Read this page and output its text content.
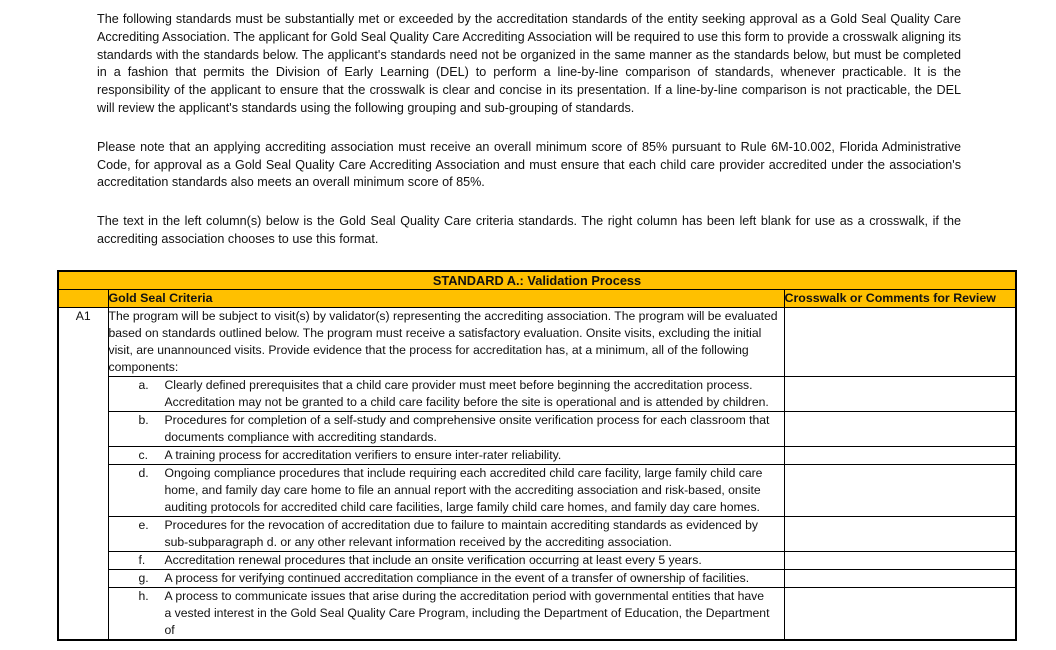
The following standards must be substantially met or exceeded by the accreditation standards of the entity seeking approval as a Gold Seal Quality Care Accrediting Association. The applicant for Gold Seal Quality Care Accrediting Association will be required to use this form to provide a crosswalk aligning its standards with the standards below. The applicant's standards need not be organized in the same manner as the standards below, but must be completed in a fashion that permits the Division of Early Learning (DEL) to perform a line-by-line comparison of standards, whenever practicable. It is the responsibility of the applicant to ensure that the crosswalk is clear and concise in its presentation. If a line-by-line comparison is not practicable, the DEL will review the applicant's standards using the following grouping and sub-grouping of standards.

Please note that an applying accrediting association must receive an overall minimum score of 85% pursuant to Rule 6M-10.002, Florida Administrative Code, for approval as a Gold Seal Quality Care Accrediting Association and must ensure that each child care provider accredited under the association's accreditation standards also meets an overall minimum score of 85%.

The text in the left column(s) below is the Gold Seal Quality Care criteria standards. The right column has been left blank for use as a crosswalk, if the accrediting association chooses to use this format.

STANDARD A.: Validation Process		
	Gold Seal Criteria	Crosswalk or Comments for Review
A1	The program will be subject to visit(s) by validator(s) representing the accrediting association. The program will be evaluated based on standards outlined below. The program must receive a satisfactory evaluation. Onsite visits, excluding the initial visit, are unannounced visits. Provide evidence that the process for accreditation has, at a minimum, all of the following components:	

	a. Clearly defined prerequisites that a child care provider must meet before beginning the accreditation process. Accreditation may not be granted to a child care facility before the site is operational and is attended by children.	

	b. Procedures for completion of a self-study and comprehensive onsite verification process for each classroom that documents compliance with accrediting standards.	

	c. A training process for accreditation verifiers to ensure inter-rater reliability.	

	d. Ongoing compliance procedures that include requiring each accredited child care facility, large family child care home, and family day care home to file an annual report with the accrediting association and risk-based, onsite auditing protocols for accredited child care facilities, large family child care homes, and family day care homes.	

	e. Procedures for the revocation of accreditation due to failure to maintain accrediting standards as evidenced by sub-subparagraph d. or any other relevant information received by the accrediting association.	

	f. Accreditation renewal procedures that include an onsite verification occurring at least every 5 years.	

	g. A process for verifying continued accreditation compliance in the event of a transfer of ownership of facilities.	

	h. A process to communicate issues that arise during the accreditation period with governmental entities that have a vested interest in the Gold Seal Quality Care Program, including the Department of Education, the Department of	
